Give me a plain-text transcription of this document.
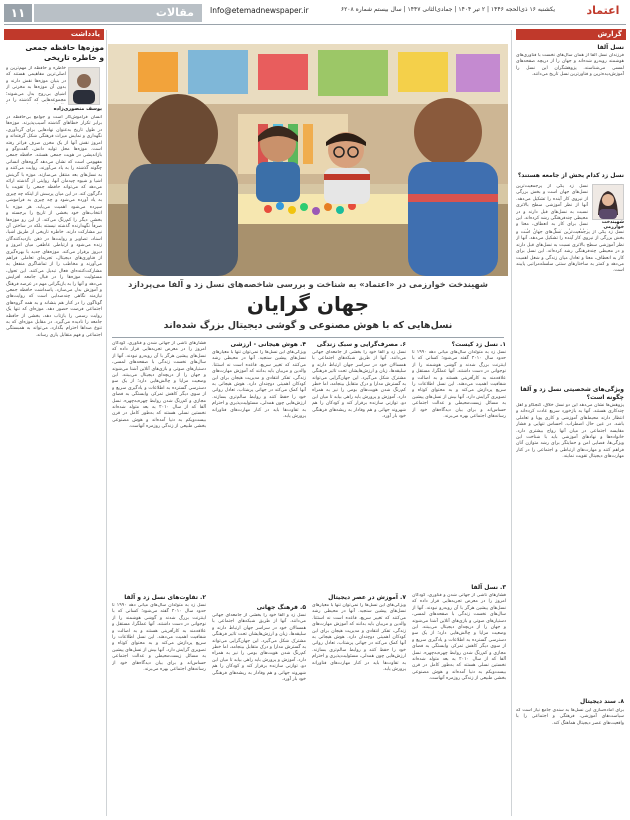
اعتماد
یکشنبه ۱۶ ذی‌الحجه ۱۴۴۶ | ۲ تیر ۱۴۰۴ | جمادی‌الثانی ۱۴۴۷ | سال بیستم شماره ۶۲۰۸
Info@etemadnewspaper.ir
مقالات
۱۱
یادداشت
موزه‌ها حافظه جمعی
و خاطره تاریخی
خاطره و حافظه از مهم‌ترین و اصلی‌ترین مفاهیمی هستند که در بنیان موزه‌ها نقش دارند و بدون آن موزه‌ها به مخزنی از اشیای بی‌روح بدل می‌شوند؛ مجموعه‌هایی که گذشته را در
یوسف منصوری‌زاده
انسان فراموش‌کار است و جوامع بی‌حافظه در برابر تکرار خطاهای گذشته آسیب‌پذیرند. موزه‌ها در طول تاریخ به‌عنوان نهادهایی برای گردآوری، نگهداری و نمایش میراث فرهنگی شکل گرفته‌اند و امروز نقش آنها از یک مخزن صرف فراتر رفته است. موزه‌ها محل تولید دانش، گفت‌وگو و بازاندیشی در هویت جمعی هستند. حافظه جمعی مفهومی است که نشان می‌دهد گروه‌های انسانی چگونه گذشته را به یاد می‌آورند، روایت می‌کنند و به نسل‌های بعد منتقل می‌سازند. موزه با گزینش اشیا و شیوه چیدمان آنها، روایتی از گذشته ارائه می‌دهد که می‌تواند حافظه جمعی را تقویت یا دگرگون کند. در این میان پرسش از اینکه چه چیزی به یاد آورده می‌شود و چه چیزی به فراموشی سپرده می‌شود اهمیت می‌یابد. هر موزه با انتخاب‌های خود بخشی از تاریخ را برجسته و بخشی دیگر را کم‌رنگ می‌کند. از این رو موزه‌ها صرفاً نگهدارنده گذشته نیستند بلکه در ساختن آن نیز مشارکت دارند. خاطره تاریخی از طریق اشیا، اسناد، تصاویر و روایت‌ها در ذهن بازدیدکنندگان زنده می‌شود و ارتباطی عاطفی میان امروز و دیروز برقرار می‌کند. موزه‌های جدید با بهره‌گیری از فناوری‌های دیجیتال، تجربه‌ای تعاملی فراهم می‌آورند و مخاطب را از تماشاگری منفعل به مشارکت‌کننده‌ای فعال تبدیل می‌کنند. این تحول، مسئولیت موزه‌ها را در قبال جامعه افزایش می‌دهد و آنها را به بازیگرانی مهم در عرصه فرهنگ و آموزش بدل می‌سازد. پاسداشت حافظه جمعی نیازمند نگاهی چندصدایی است که روایت‌های گوناگون را در کنار هم بنشاند و به همه گروه‌های اجتماعی فرصت حضور دهد. موزه‌ای که تنها یک روایت رسمی را بازتاب دهد، بخشی از حافظه جامعه را نادیده می‌گیرد. در مقابل موزه‌ای که به تنوع صداها احترام بگذارد، می‌تواند به همبستگی اجتماعی و فهم متقابل یاری رساند.
شهیندخت خوارزمی در «اعتماد» به شناخت و بررسی شاخصه‌های نسل زد و آلفا می‌پردازد
جهان گرایان
نسل‌هایی که با هوش مصنوعی و گوشی دیجیتال بزرگ شده‌اند
۱. نسل زد کیست؟
نسل زد به متولدان سال‌های میانی دهه ۱۹۹۰ تا حدود سال ۲۰۱۰ گفته می‌شود؛ کسانی که با اینترنت بزرگ شدند و گوشی هوشمند را از نوجوانی در دست داشتند. آنها عملگرا، مستقل و علاقه‌مند به کارآفرینی هستند و به اصالت و شفافیت اهمیت می‌دهند. این نسل اطلاعات را سریع پردازش می‌کند و به محتوای کوتاه و تصویری گرایش دارد. آنها بیش از نسل‌های پیشین به مسائل زیست‌محیطی و عدالت اجتماعی حساس‌اند و برای بیان دیدگاه‌های خود از رسانه‌های اجتماعی بهره می‌برند.
۳. نسل آلفا
فشارهای ناشی از جهانی شدن و فناوری، کودکان امروز را در معرض تجربه‌هایی قرار داده که نسل‌های پیشین هرگز با آن روبه‌رو نبودند. آنها از سال‌های نخست زندگی با صفحه‌های لمسی، دستیارهای صوتی و بازی‌های آنلاین آشنا می‌شوند و جهان را از دریچه‌ای دیجیتال می‌بینند. این وضعیت مزایا و چالش‌هایی دارد؛ از یک سو دسترسی گسترده به اطلاعات و یادگیری سریع و از سوی دیگر کاهش تمرکز، وابستگی به فضای مجازی و کم‌رنگ شدن روابط چهره‌به‌چهره. نسل آلفا که از سال ۲۰۱۰ به بعد متولد شده‌اند نخستین نسلی هستند که به‌طور کامل در قرن بیست‌ویکم به دنیا آمده‌اند و هوش مصنوعی بخشی طبیعی از زندگی روزمره آنهاست.
۶. مصرف‌گرایی و سبک زندگی
نسل زد و آلفا خود را بخشی از جامعه‌ای جهانی می‌دانند. آنها از طریق شبکه‌های اجتماعی با همسالان خود در سراسر جهان ارتباط دارند و سلیقه‌ها، زبان و ارزش‌هایشان تحت تاثیر فرهنگی مشترک شکل می‌گیرد. این جهان‌گرایی می‌تواند به گسترش مدارا و درک متقابل بینجامد، اما خطر کم‌رنگ شدن هویت‌های بومی را نیز به همراه دارد. آموزش و پرورش باید راهی بیابد تا میان این دو، توازنی سازنده برقرار کند و کودکان را هم شهروند جهانی و هم وفادار به ریشه‌های فرهنگی خود بار آورد.
۷. آموزش در عصر دیجیتال
ویژگی‌های این نسل‌ها را نمی‌توان تنها با معیارهای نسل‌های پیشین سنجید. آنها در محیطی رشد می‌کنند که تغییر سریع، قاعده است نه استثنا. والدین و مربیان باید بدانند که آموزش مهارت‌های زندگی، تفکر انتقادی و مدیریت هیجان برای این کودکان اهمیتی دوچندان دارد. هوش هیجانی به آنها کمک می‌کند در جهانی پرشتاب، تعادل روانی خود را حفظ کنند و روابط سالم‌تری بسازند. ارزش‌هایی چون همدلی، مسئولیت‌پذیری و احترام به تفاوت‌ها باید در کنار مهارت‌های فناورانه پرورش یابد.
۴. هوش هیجانی - ارزشی
ویژگی‌های این نسل‌ها را نمی‌توان تنها با معیارهای نسل‌های پیشین سنجید. آنها در محیطی رشد می‌کنند که تغییر سریع، قاعده است نه استثنا. والدین و مربیان باید بدانند که آموزش مهارت‌های زندگی، تفکر انتقادی و مدیریت هیجان برای این کودکان اهمیتی دوچندان دارد. هوش هیجانی به آنها کمک می‌کند در جهانی پرشتاب، تعادل روانی خود را حفظ کنند و روابط سالم‌تری بسازند. ارزش‌هایی چون همدلی، مسئولیت‌پذیری و احترام به تفاوت‌ها باید در کنار مهارت‌های فناورانه پرورش یابد.
۵. فرهنگ جهانی
نسل زد و آلفا خود را بخشی از جامعه‌ای جهانی می‌دانند. آنها از طریق شبکه‌های اجتماعی با همسالان خود در سراسر جهان ارتباط دارند و سلیقه‌ها، زبان و ارزش‌هایشان تحت تاثیر فرهنگی مشترک شکل می‌گیرد. این جهان‌گرایی می‌تواند به گسترش مدارا و درک متقابل بینجامد، اما خطر کم‌رنگ شدن هویت‌های بومی را نیز به همراه دارد. آموزش و پرورش باید راهی بیابد تا میان این دو، توازنی سازنده برقرار کند و کودکان را هم شهروند جهانی و هم وفادار به ریشه‌های فرهنگی خود بار آورد.
فشارهای ناشی از جهانی شدن و فناوری، کودکان امروز را در معرض تجربه‌هایی قرار داده که نسل‌های پیشین هرگز با آن روبه‌رو نبودند. آنها از سال‌های نخست زندگی با صفحه‌های لمسی، دستیارهای صوتی و بازی‌های آنلاین آشنا می‌شوند و جهان را از دریچه‌ای دیجیتال می‌بینند. این وضعیت مزایا و چالش‌هایی دارد؛ از یک سو دسترسی گسترده به اطلاعات و یادگیری سریع و از سوی دیگر کاهش تمرکز، وابستگی به فضای مجازی و کم‌رنگ شدن روابط چهره‌به‌چهره. نسل آلفا که از سال ۲۰۱۰ به بعد متولد شده‌اند نخستین نسلی هستند که به‌طور کامل در قرن بیست‌ویکم به دنیا آمده‌اند و هوش مصنوعی بخشی طبیعی از زندگی روزمره آنهاست.
۲. تفاوت‌های نسل زد و آلفا
نسل زد به متولدان سال‌های میانی دهه ۱۹۹۰ تا حدود سال ۲۰۱۰ گفته می‌شود؛ کسانی که با اینترنت بزرگ شدند و گوشی هوشمند را از نوجوانی در دست داشتند. آنها عملگرا، مستقل و علاقه‌مند به کارآفرینی هستند و به اصالت و شفافیت اهمیت می‌دهند. این نسل اطلاعات را سریع پردازش می‌کند و به محتوای کوتاه و تصویری گرایش دارد. آنها بیش از نسل‌های پیشین به مسائل زیست‌محیطی و عدالت اجتماعی حساس‌اند و برای بیان دیدگاه‌های خود از رسانه‌های اجتماعی بهره می‌برند.
گزارش
نسل آلفا
فرزندان نسل آلفا از همان سال‌های نخست با فناوری‌های هوشمند روبه‌رو شده‌اند و جهان را از دریچه صفحه‌های لمسی می‌شناسند. پژوهشگران این نسل را آموزش‌دیده‌ترین و فناورترین نسل تاریخ می‌دانند.
نسل زد کدام بخش از جامعه هستند؟
شهیندخت خوارزمی
نسل زد یکی از پرجمعیت‌ترین نسل‌های جهان است و بخش بزرگی از نیروی کار آینده را تشکیل می‌دهد. آنها از نظر آموزشی سطح بالاتری نسبت به نسل‌های قبل دارند و در محیطی چندفرهنگی رشد کرده‌اند. این نسل برای کار به انعطاف، معنا و
نسل زد یکی از پرجمعیت‌ترین نسل‌های جهان است و بخش بزرگی از نیروی کار آینده را تشکیل می‌دهد. آنها از نظر آموزشی سطح بالاتری نسبت به نسل‌های قبل دارند و در محیطی چندفرهنگی رشد کرده‌اند. این نسل برای کار به انعطاف، معنا و تعادل میان زندگی و شغل اهمیت می‌دهد و کمتر به ساختارهای سنتی سلسله‌مراتبی پایبند است.
ویژگی‌های شخصیتی نسل زد و آلفا چگونه است؟
پژوهش‌ها نشان می‌دهد این دو نسل خلاق، کنجکاو و اهل چندکاری هستند. آنها به بازخورد سریع عادت کرده‌اند و انتظار دارند محیط‌های آموزشی و کاری پویا و تعاملی باشد. در عین حال اضطراب، احساس تنهایی و فشار مقایسه اجتماعی در میان آنها رواج بیشتری دارد. خانواده‌ها و نهادهای آموزشی باید با شناخت این ویژگی‌ها، فضایی امن و حمایتگر برای رشد متوازن آنان فراهم کنند و مهارت‌های ارتباطی و اجتماعی را در کنار مهارت‌های دیجیتال تقویت نمایند.
۸. سند دیجیتال
برای آماده‌سازی این نسل‌ها به سندی جامع نیاز است که سیاست‌های آموزشی، فرهنگی و اجتماعی را با واقعیت‌های عصر دیجیتال هماهنگ کند.
